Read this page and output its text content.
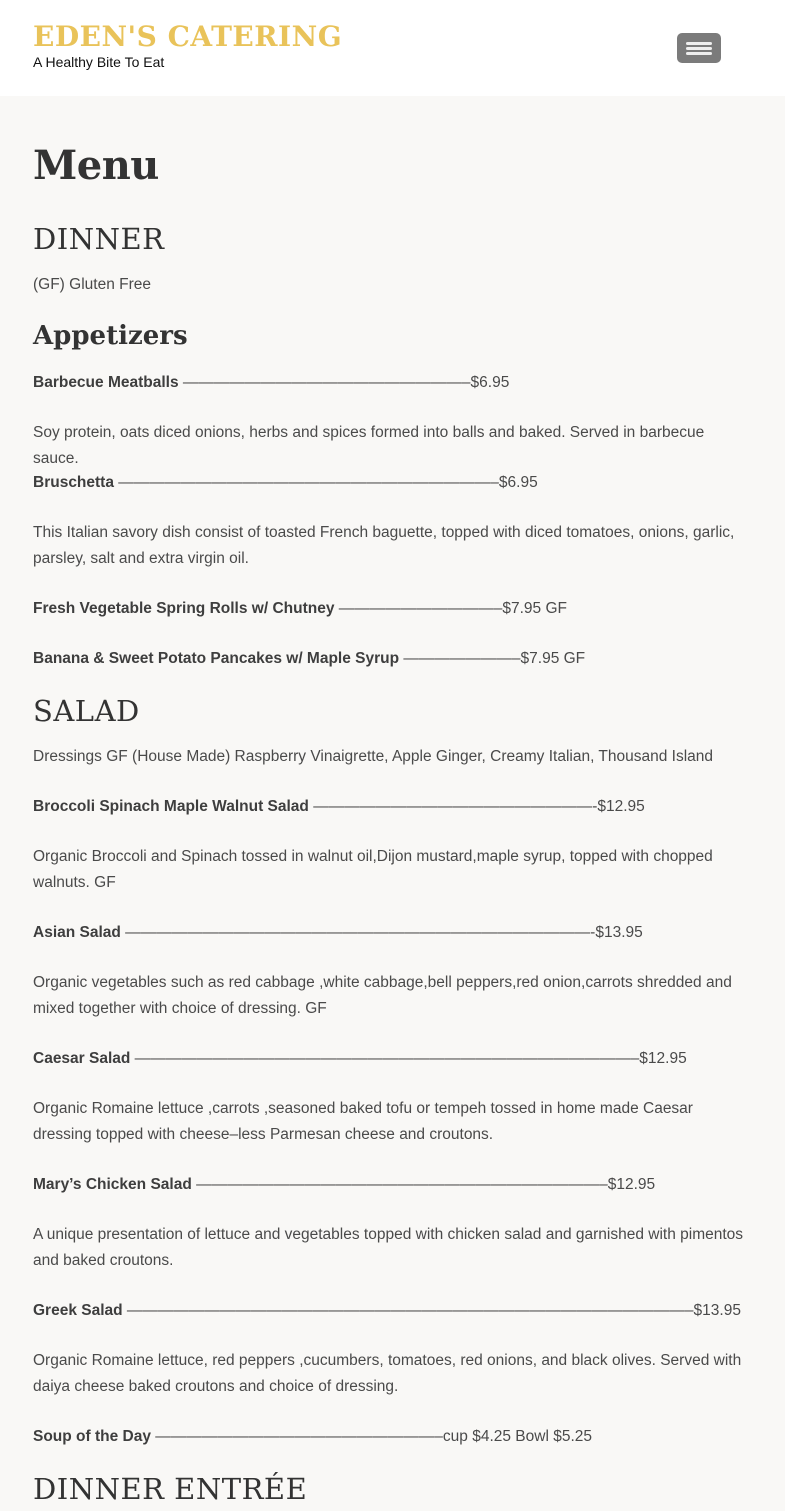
EDEN'S CATERING
A Healthy Bite To Eat
Menu
DINNER
(GF) Gluten Free
Appetizers
Barbecue Meatballs ——————————————————–$6.95
Soy protein, oats diced onions, herbs and spices formed into balls and baked. Served in barbecue sauce.
Bruschetta ————————————————————————–$6.95
This Italian savory dish consist of toasted French baguette, topped with diced tomatoes, onions, garlic, parsley, salt and extra virgin oil.
Fresh Vegetable Spring Rolls w/ Chutney ——————————–$7.95 GF
Banana & Sweet Potato Pancakes w/ Maple Syrup ———————–$7.95 GF
SALAD
Dressings GF (House Made) Raspberry Vinaigrette, Apple Ginger, Creamy Italian, Thousand Island
Broccoli Spinach Maple Walnut Salad ——————————————————-$12.95
Organic Broccoli and Spinach tossed in walnut oil,Dijon mustard,maple syrup, topped with chopped walnuts. GF
Asian Salad ——————————————————————————————-$13.95
Organic vegetables such as red cabbage ,white cabbage,bell peppers,red onion,carrots shredded and mixed together with choice of dressing. GF
Caesar Salad ————————————————————————————————–$12.95
Organic Romaine lettuce ,carrots ,seasoned baked tofu or tempeh tossed in home made Caesar dressing topped with cheese–less Parmesan cheese and croutons.
Mary’s Chicken Salad ——————————————————————————–$12.95
A unique presentation of lettuce and vegetables topped with chicken salad and garnished with pimentos and baked croutons.
Greek Salad ————————————————————————————————————–$13.95
Organic Romaine lettuce, red peppers ,cucumbers, tomatoes, red onions, and black olives. Served with daiya cheese baked croutons and choice of dressing.
Soup of the Day ——————————————————–cup $4.25 Bowl $5.25
DINNER ENTRÉE
